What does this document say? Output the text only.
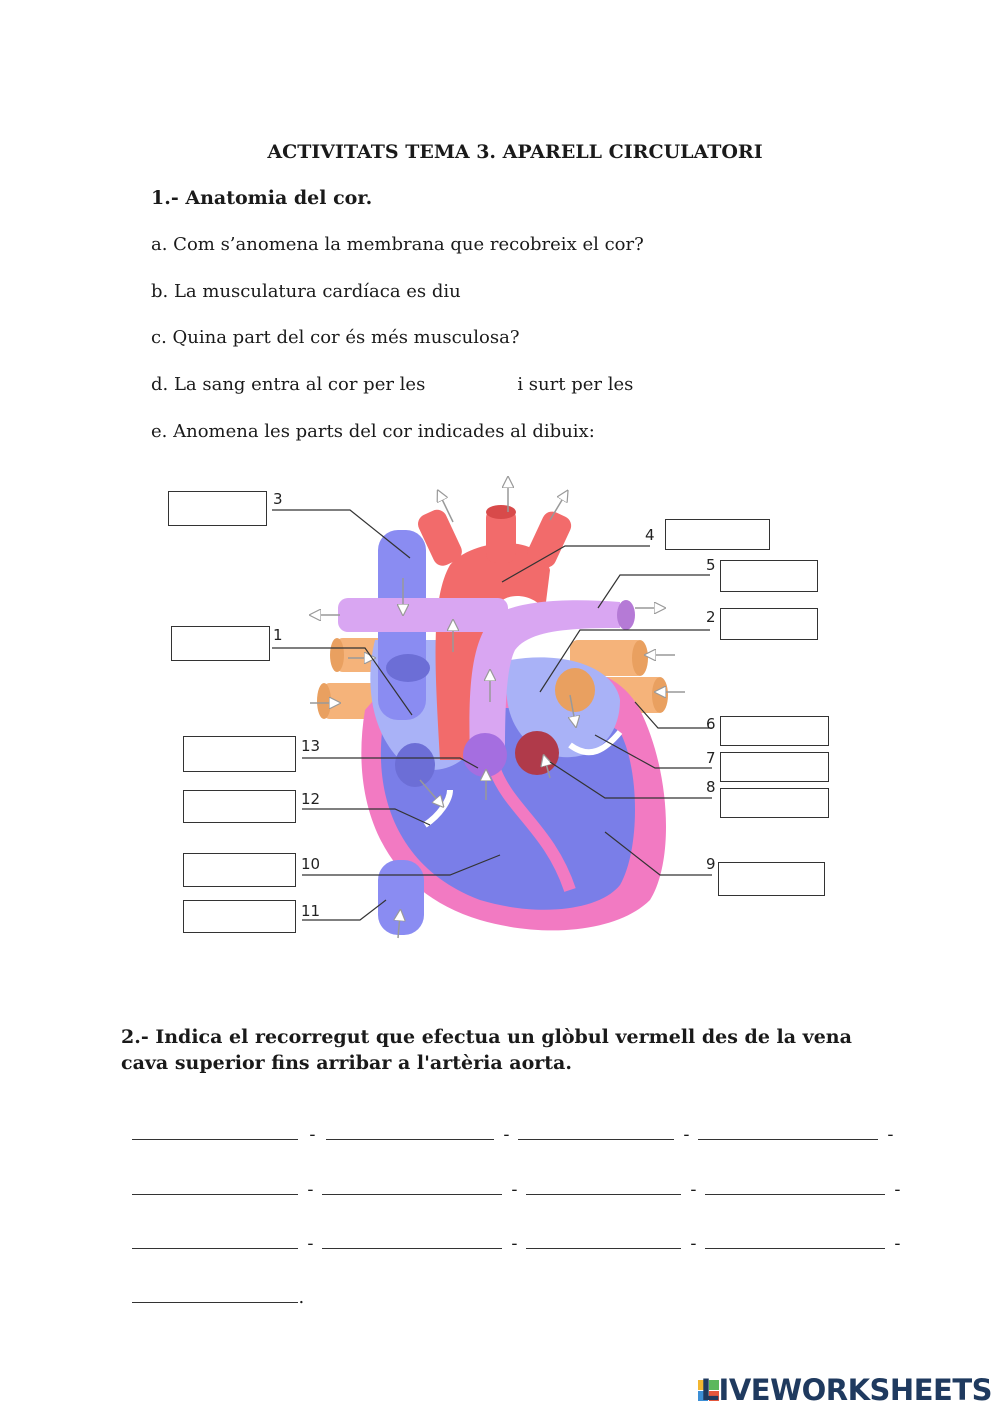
ACTIVITATS TEMA 3. APARELL CIRCULATORI
1.- Anatomia del cor.
a. Com s’anomena la membrana que recobreix el cor?
b. La musculatura cardíaca es diu
c. Quina part del cor és més musculosa?
d. La sang entra al cor per les	i surt per les
e. Anomena les parts del cor indicades al dibuix:
3
4
5
2
1
6
13
7
8
12
9
10
11
2.- Indica el recorregut que efectua un glòbul vermell des de la vena cava superior fins arribar a l'artèria aorta.

-	-	-	-

-	-	-	-

-	-	-	-

.

LIVEWORKSHEETS
